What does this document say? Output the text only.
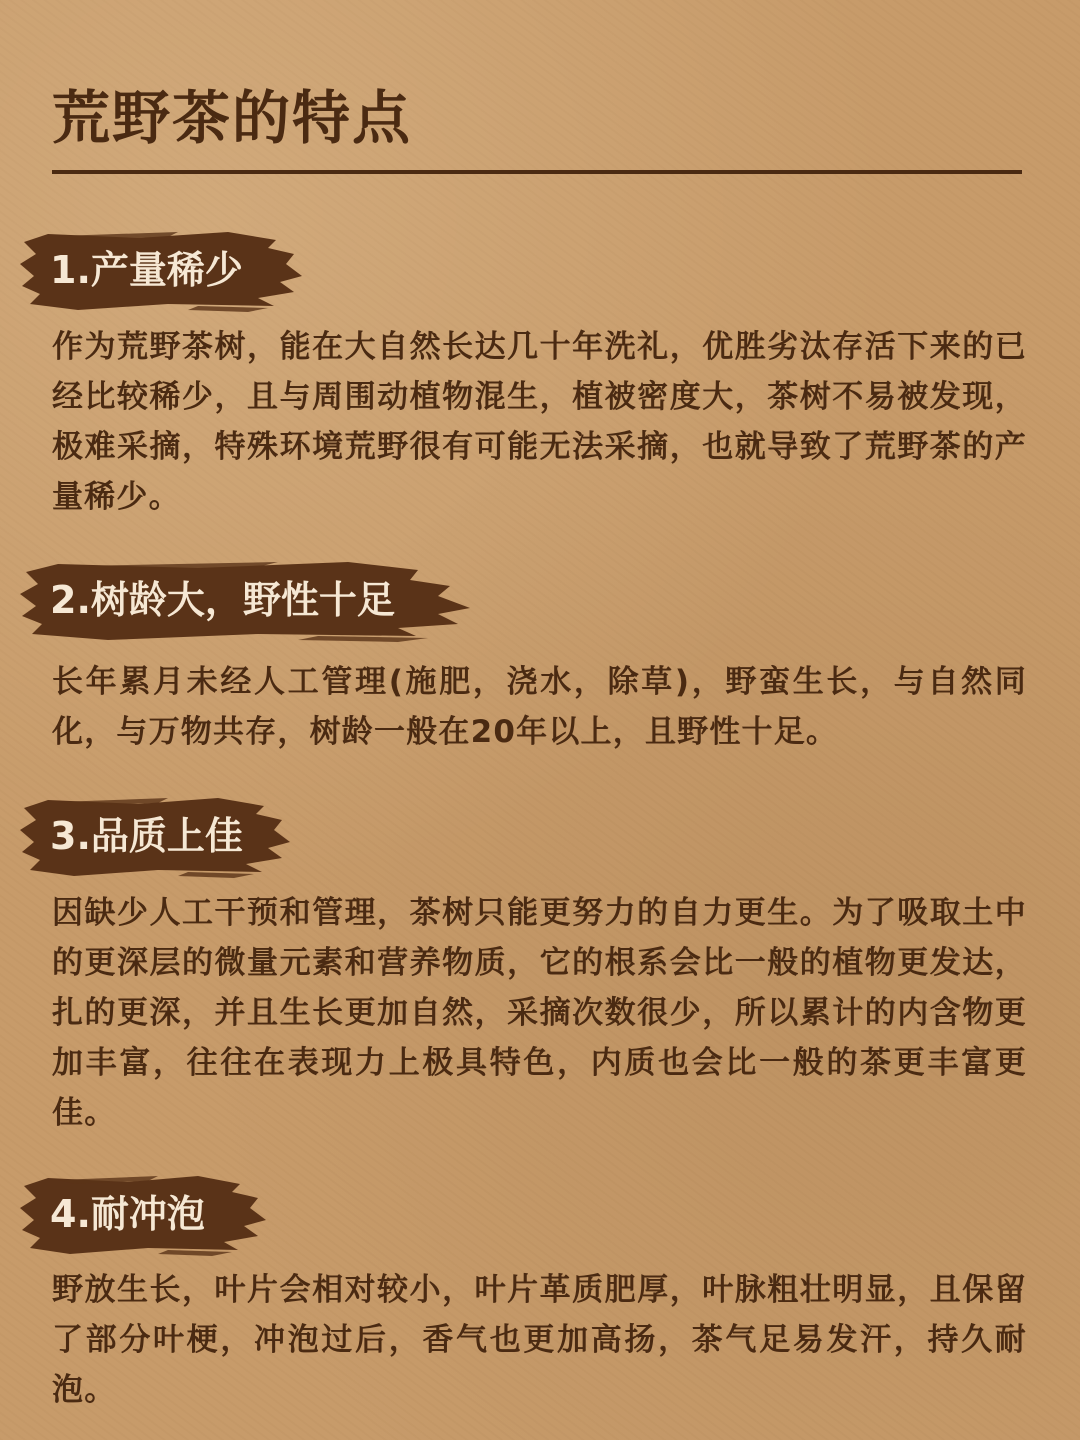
荒野茶的特点
1.产量稀少

作为荒野茶树，能在大自然长达几十年洗礼，优胜劣汰存活下来的已经比较稀少，且与周围动植物混生，植被密度大，茶树不易被发现，极难采摘，特殊环境荒野很有可能无法采摘，也就导致了荒野茶的产量稀少。

2.树龄大，野性十足

长年累月未经人工管理(施肥，浇水，除草)，野蛮生长，与自然同化，与万物共存，树龄一般在20年以上，且野性十足。

3.品质上佳

因缺少人工干预和管理，茶树只能更努力的自力更生。为了吸取土中的更深层的微量元素和营养物质，它的根系会比一般的植物更发达，扎的更深，并且生长更加自然，采摘次数很少，所以累计的内含物更加丰富，往往在表现力上极具特色，内质也会比一般的茶更丰富更佳。

4.耐冲泡

野放生长，叶片会相对较小，叶片革质肥厚，叶脉粗壮明显，且保留了部分叶梗，冲泡过后，香气也更加高扬，茶气足易发汗，持久耐泡。
